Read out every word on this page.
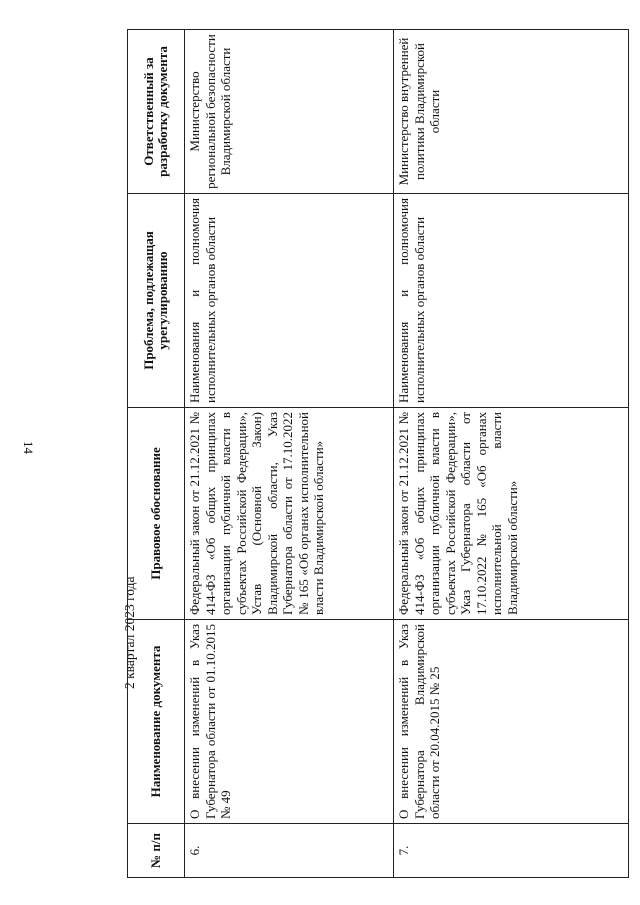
14
2 квартал 2023 года
№ п/п	Наименование документа	Правовое обоснование	Проблема, подлежащая урегулированию	Ответственный за разработку документа
6.	О внесении изменений в Указ Губернатора области от 01.10.2015 № 49	Федеральный закон от 21.12.2021 № 414-ФЗ «Об общих принципах организации публичной власти в субъектах Российской Федерации», Устав (Основной Закон) Владимирской области, Указ Губернатора области от 17.10.2022 № 165 «Об органах исполнительной власти Владимирской области»	Наименования и полномочия исполнительных органов области	Министерство региональной безопасности Владимирской области
7.	О внесении изменений в Указ Губернатора Владимирской области от 20.04.2015 № 25	Федеральный закон от 21.12.2021 № 414-ФЗ «Об общих принципах организации публичной власти в субъектах Российской Федерации», Указ Губернатора области от 17.10.2022 № 165 «Об органах исполнительной власти Владимирской области»	Наименования и полномочия исполнительных органов области	Министерство внутренней политики Владимирской области
